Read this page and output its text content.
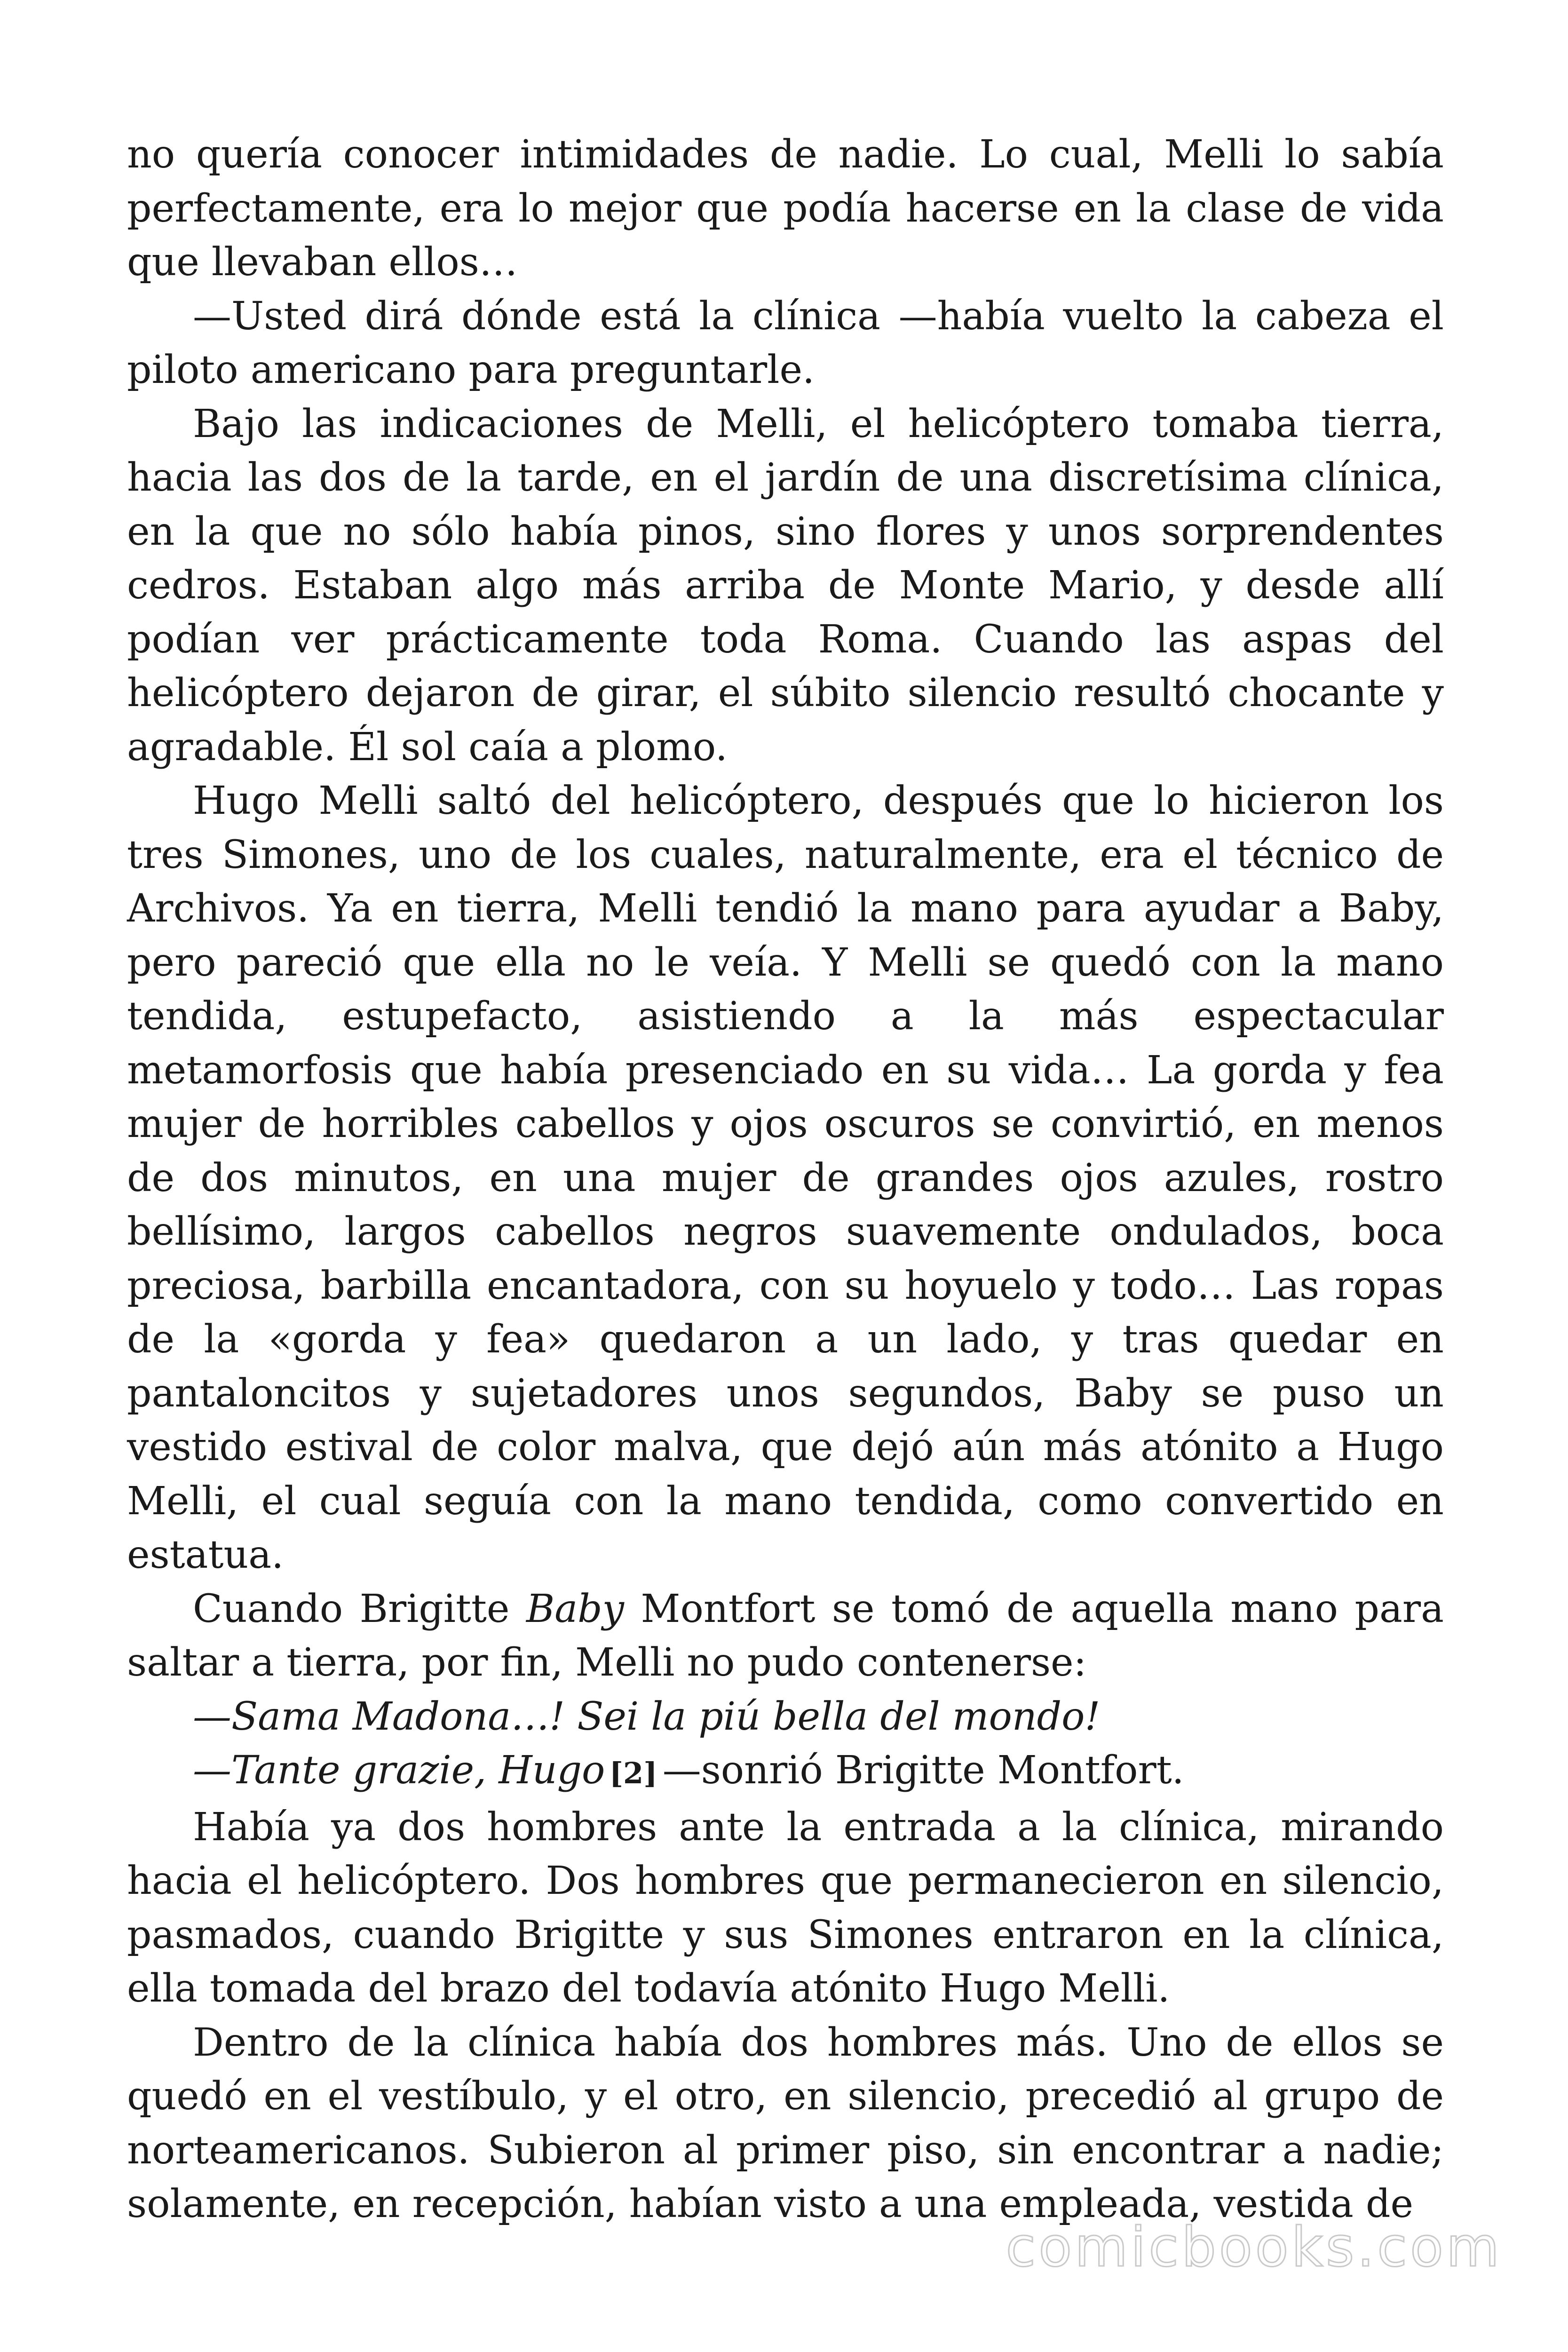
no quería conocer intimidades de nadie. Lo cual, Melli lo sabía perfectamente, era lo mejor que podía hacerse en la clase de vida que llevaban ellos…

—Usted dirá dónde está la clínica —había vuelto la cabeza el piloto americano para preguntarle.

Bajo las indicaciones de Melli, el helicóptero tomaba tierra, hacia las dos de la tarde, en el jardín de una discretísima clínica, en la que no sólo había pinos, sino flores y unos sorprendentes cedros. Estaban algo más arriba de Monte Mario, y desde allí podían ver prácticamente toda Roma. Cuando las aspas del helicóptero dejaron de girar, el súbito silencio resultó chocante y agradable. Él sol caía a plomo.

Hugo Melli saltó del helicóptero, después que lo hicieron los tres Simones, uno de los cuales, naturalmente, era el técnico de Archivos. Ya en tierra, Melli tendió la mano para ayudar a Baby, pero pareció que ella no le veía. Y Melli se quedó con la mano tendida, estupefacto, asistiendo a la más espectacular metamorfosis que había presenciado en su vida… La gorda y fea mujer de horribles cabellos y ojos oscuros se convirtió, en menos de dos minutos, en una mujer de grandes ojos azules, rostro bellísimo, largos cabellos negros suavemente ondulados, boca preciosa, barbilla encantadora, con su hoyuelo y todo… Las ropas de la «gorda y fea» quedaron a un lado, y tras quedar en pantaloncitos y sujetadores unos segundos, Baby se puso un vestido estival de color malva, que dejó aún más atónito a Hugo Melli, el cual seguía con la mano tendida, como convertido en estatua.

Cuando Brigitte Baby Montfort se tomó de aquella mano para saltar a tierra, por fin, Melli no pudo contenerse:

—Sama Madona…! Sei la piú bella del mondo!

—Tante grazie, Hugo [2] —sonrió Brigitte Montfort.

Había ya dos hombres ante la entrada a la clínica, mirando hacia el helicóptero. Dos hombres que permanecieron en silencio, pasmados, cuando Brigitte y sus Simones entraron en la clínica, ella tomada del brazo del todavía atónito Hugo Melli.

Dentro de la clínica había dos hombres más. Uno de ellos se quedó en el vestíbulo, y el otro, en silencio, precedió al grupo de norteamericanos. Subieron al primer piso, sin encontrar a nadie; solamente, en recepción, habían visto a una empleada, vestida de

comicbooks.com
